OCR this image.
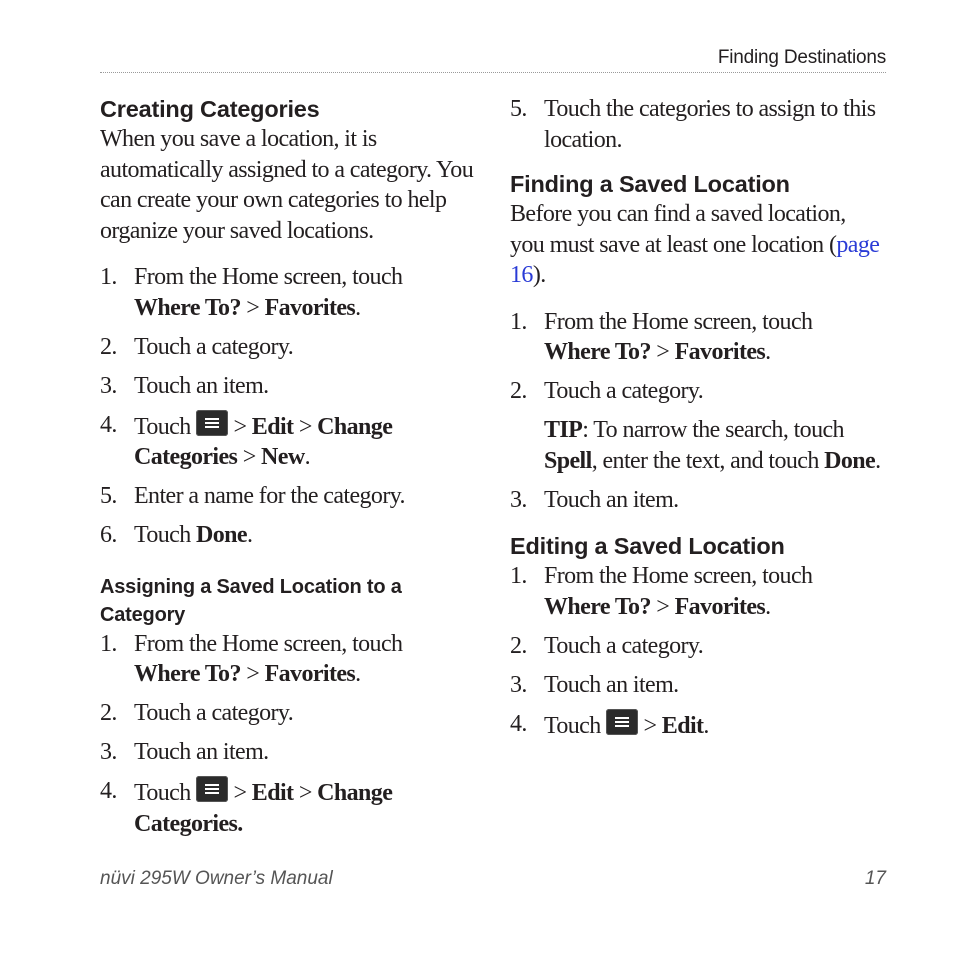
Finding Destinations
Creating Categories

When you save a location, it is automatically assigned to a category. You can create your own categories to help organize your saved locations.

1. From the Home screen, touch
Where To? > Favorites.
2. Touch a category.
3. Touch an item.
4. Touch > Edit > Change
Categories > New.
5. Enter a name for the category.
6. Touch Done.
Assigning a Saved Location to a Category
1. From the Home screen, touch
Where To? > Favorites.
2. Touch a category.
3. Touch an item.
4. Touch > Edit > Change
Categories.
5. Touch the categories to assign to this location.
Finding a Saved Location

Before you can find a saved location, you must save at least one location (page 16).

1. From the Home screen, touch
Where To? > Favorites.
2. Touch a category.

TIP: To narrow the search, touch Spell, enter the text, and touch Done.

3. Touch an item.
Editing a Saved Location
1. From the Home screen, touch
Where To? > Favorites.
2. Touch a category.
3. Touch an item.
4. Touch > Edit.
nüvi 295W Owner’s Manual	17
